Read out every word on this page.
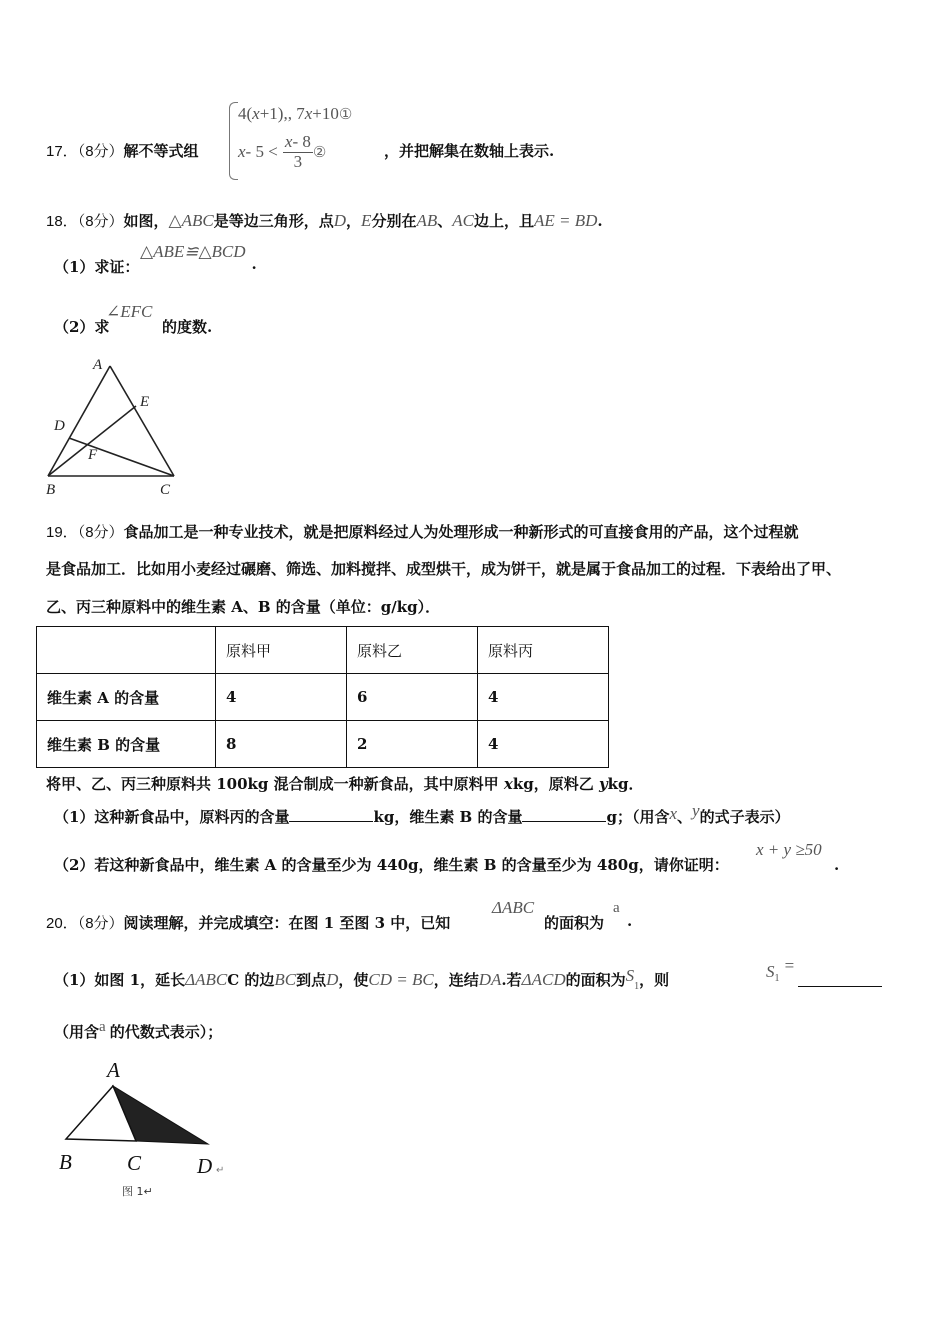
17．（8分）解不等式组
4(x+1),, 7x+10①
x- $5 < \frac{x- 8}{3}$ ②	，并把解集在数轴上表示.
18．（8分）如图，△ABC是等边三角形，点D，E分别在AB、AC边上，且AE = BD.
（1）求证：
△ABE≌△BCD.
（2）求
∠EFC
的度数.
A
E
D
F
B	C
19．（8分）食品加工是一种专业技术，就是把原料经过人为处理形成一种新形式的可直接食用的产品，这个过程就
是食品加工．比如用小麦经过碾磨、筛选、加料搅拌、成型烘干，成为饼干，就是属于食品加工的过程．下表给出了甲、
乙、丙三种原料中的维生素 A、B 的含量（单位：g/kg）．
	原料甲	原料乙	原料丙
维生素 A 的含量	4	6	4
维生素 B 的含量	8	2	4
将甲、乙、丙三种原料共 100kg 混合制成一种新食品，其中原料甲 xkg，原料乙 ykg．
（1）这种新食品中，原料丙的含量	kg，维生素 B 的含量	g；（用含x、y的式子表示）
（2）若这种新食品中，维生素 A 的含量至少为 440g，维生素 B 的含量至少为 480g，请你证明：
x + y ≥50
.
20．（8分）阅读理解，并完成填空：在图 1 至图 3 中，已知
ΔABC
的面积为
a
.
（1）如图 1，延长ΔABCC 的边BC到点D，使CD = BC，连结DA.若ΔACD的面积为$S_1$，则	$S_1$ =
（用含a 的代数式表示）；
A
B	C	D ↵
图 1↵
